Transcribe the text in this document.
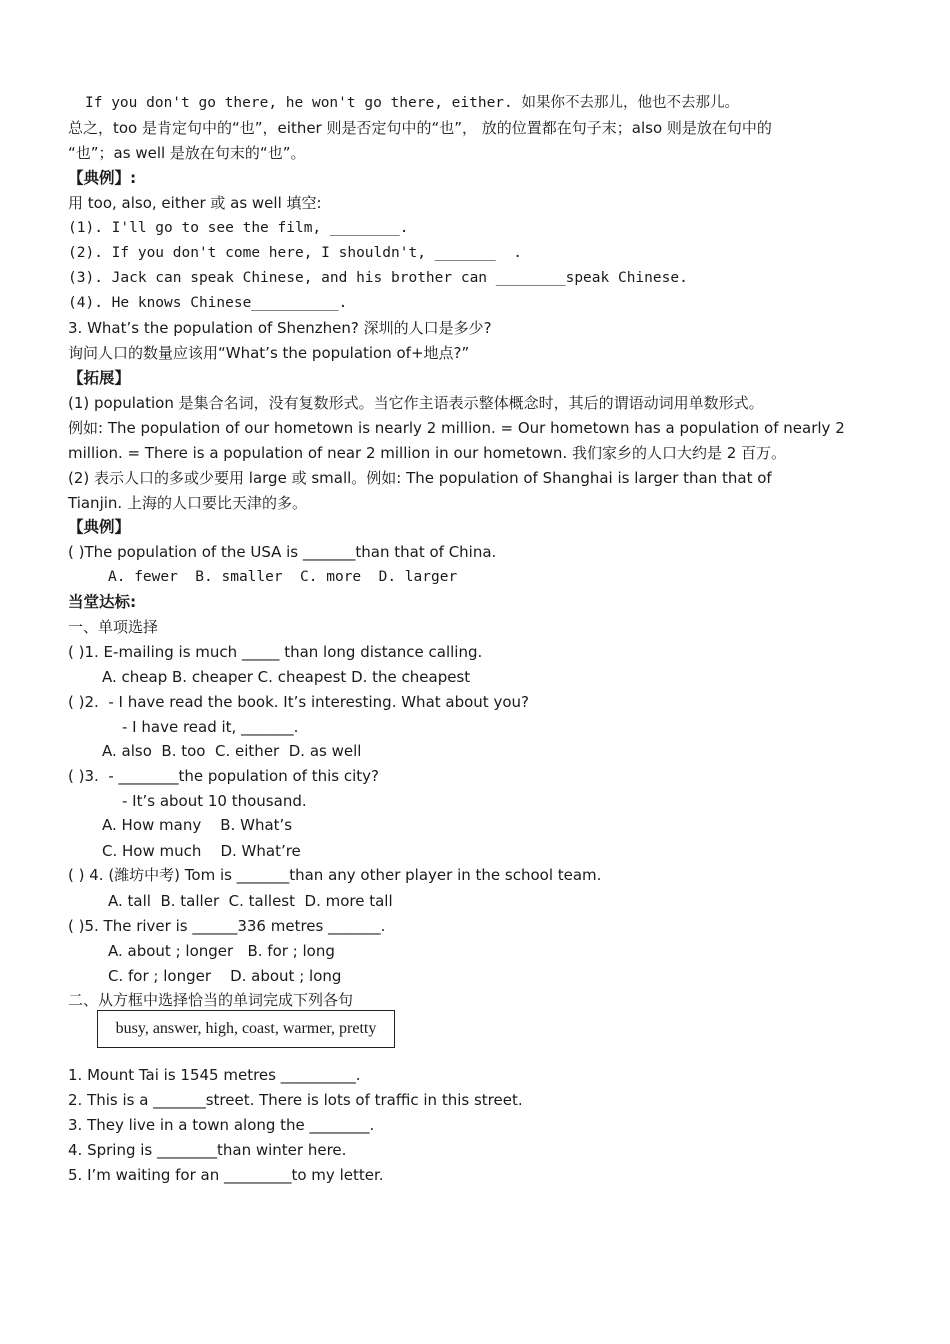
If you don't go there, he won't go there, either. 如果你不去那儿，他也不去那儿。
总之，too 是肯定句中的“也”，either 则是否定句中的“也”， 放的位置都在句子末；also 则是放在句中的
“也”；as well 是放在句末的“也”。
【典例】:
用 too, also, either 或 as well 填空:
(1). I'll go to see the film, ________.
(2). If you don't come here, I shouldn't, _______  .
(3). Jack can speak Chinese, and his brother can ________speak Chinese.
(4). He knows Chinese__________.
3. What’s the population of Shenzhen? 深圳的人口是多少?
询问人口的数量应该用“What’s the population of+地点?”
【拓展】
(1) population 是集合名词，没有复数形式。当它作主语表示整体概念时，其后的谓语动词用单数形式。
例如: The population of our hometown is nearly 2 million. = Our hometown has a population of nearly 2
million. = There is a population of near 2 million in our hometown. 我们家乡的人口大约是 2 百万。
(2) 表示人口的多或少要用 large 或 small。例如: The population of Shanghai is larger than that of
Tianjin. 上海的人口要比天津的多。
【典例】
( )The population of the USA is _______than that of China.
A. fewer  B. smaller  C. more  D. larger
当堂达标:
一、单项选择
( )1. E-mailing is much _____ than long distance calling.
A. cheap B. cheaper C. cheapest D. the cheapest
( )2.  - I have read the book. It’s interesting. What about you?
- I have read it, _______.
A. also  B. too  C. either  D. as well
( )3.  - ________the population of this city?
- It’s about 10 thousand.
A. How many    B. What’s
C. How much    D. What’re
( ) 4. (潍坊中考) Tom is _______than any other player in the school team.
A. tall  B. taller  C. tallest  D. more tall
( )5. The river is ______336 metres _______.
A. about ; longer   B. for ; long
C. for ; longer    D. about ; long
二、从方框中选择恰当的单词完成下列各句
1. Mount Tai is 1545 metres __________.
2. This is a _______street. There is lots of traffic in this street.
3. They live in a town along the ________.
4. Spring is ________than winter here.
5. I’m waiting for an _________to my letter.
busy, answer, high, coast, warmer, pretty
